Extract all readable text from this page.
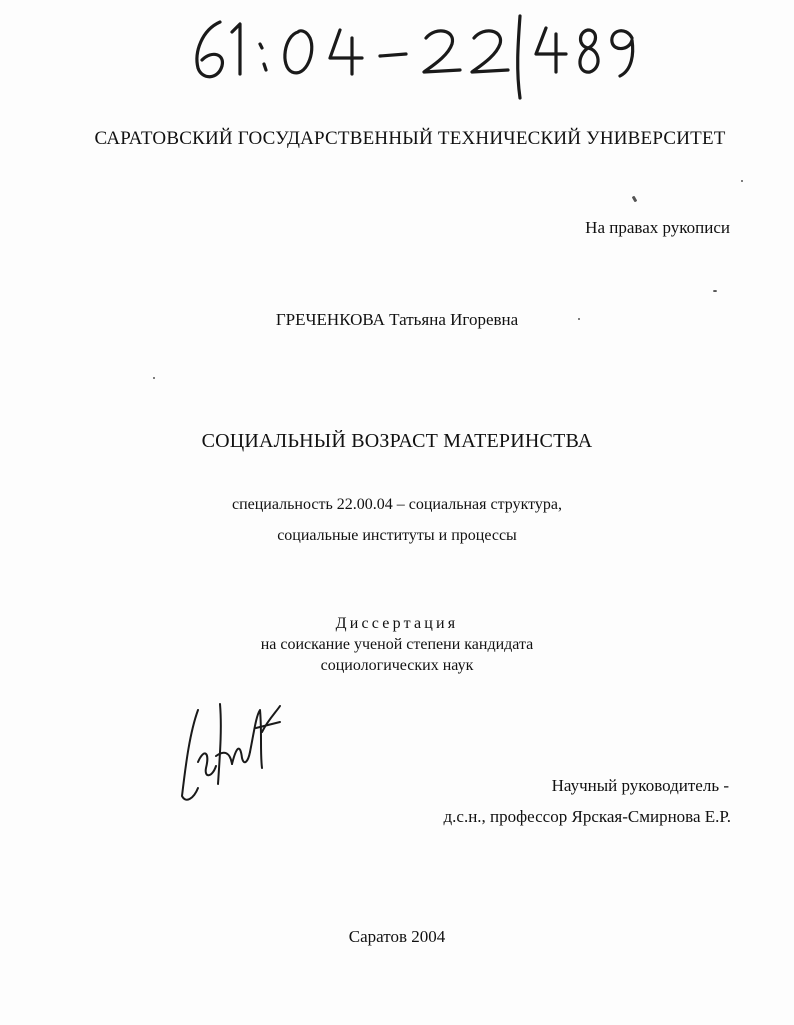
САРАТОВСКИЙ ГОСУДАРСТВЕННЫЙ ТЕХНИЧЕСКИЙ УНИВЕРСИТЕТ
На правах рукописи
ГРЕЧЕНКОВА Татьяна Игоревна
СОЦИАЛЬНЫЙ ВОЗРАСТ МАТЕРИНСТВА
специальность 22.00.04 – социальная структура,
социальные институты и процессы
Диссертация
на соискание ученой степени кандидата
социологических наук
Научный руководитель -
д.с.н., профессор Ярская-Смирнова Е.Р.
Саратов 2004
